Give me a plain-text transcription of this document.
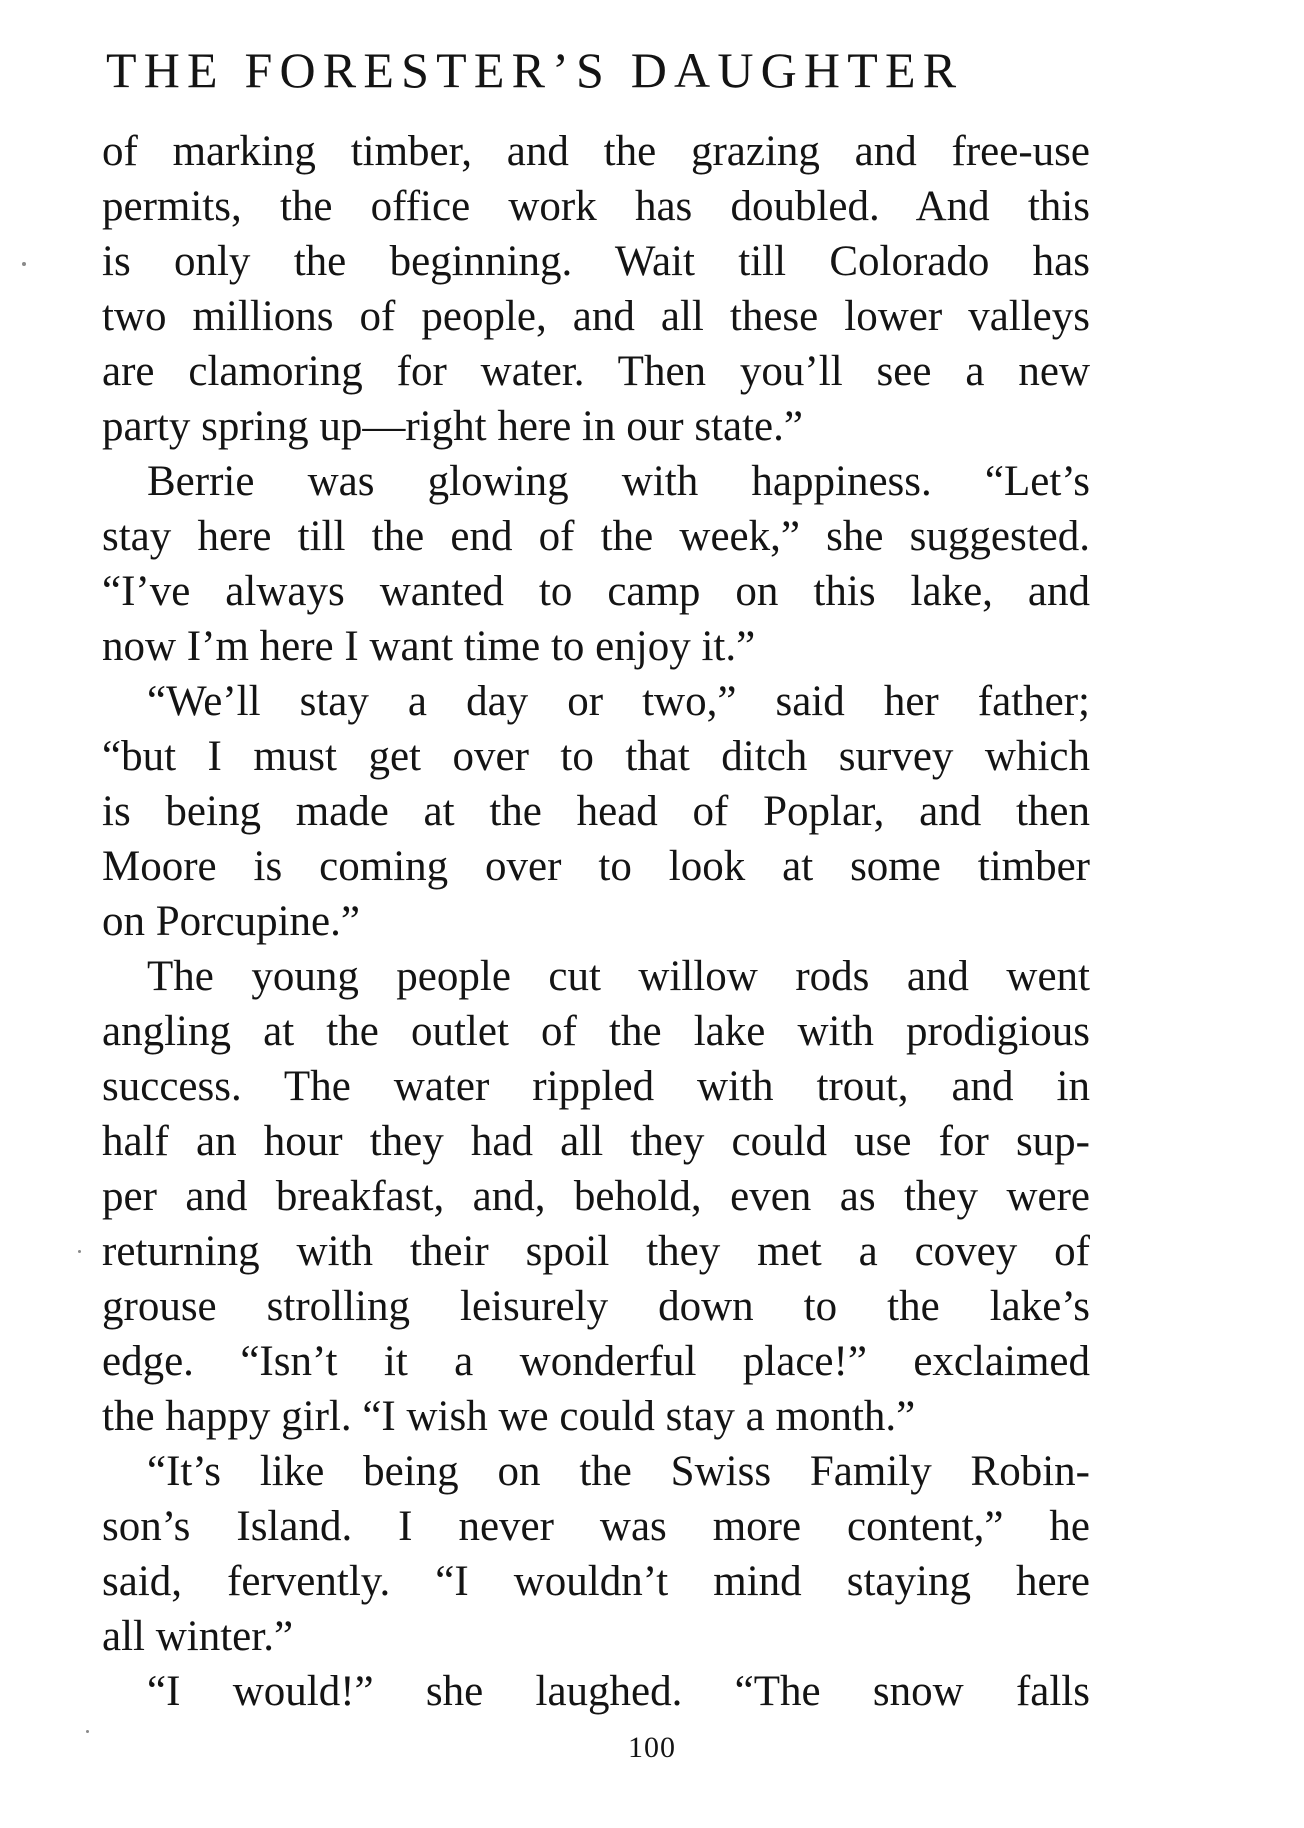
THE FORESTER’S DAUGHTER

of marking timber, and the grazing and free-use
permits, the office work has doubled. And this
is only the beginning. Wait till Colorado has
two millions of people, and all these lower valleys
are clamoring for water. Then you’ll see a new
party spring up—right here in our state.”

Berrie was glowing with happiness. “Let’s
stay here till the end of the week,” she suggested.
“I’ve always wanted to camp on this lake, and
now I’m here I want time to enjoy it.”

“We’ll stay a day or two,” said her father;
“but I must get over to that ditch survey which
is being made at the head of Poplar, and then
Moore is coming over to look at some timber
on Porcupine.”

The young people cut willow rods and went
angling at the outlet of the lake with prodigious
success. The water rippled with trout, and in
half an hour they had all they could use for sup-
per and breakfast, and, behold, even as they were
returning with their spoil they met a covey of
grouse strolling leisurely down to the lake’s
edge. “Isn’t it a wonderful place!” exclaimed
the happy girl. “I wish we could stay a month.”

“It’s like being on the Swiss Family Robin-
son’s Island. I never was more content,” he
said, fervently. “I wouldn’t mind staying here
all winter.”

“I would!” she laughed. “The snow falls

100
